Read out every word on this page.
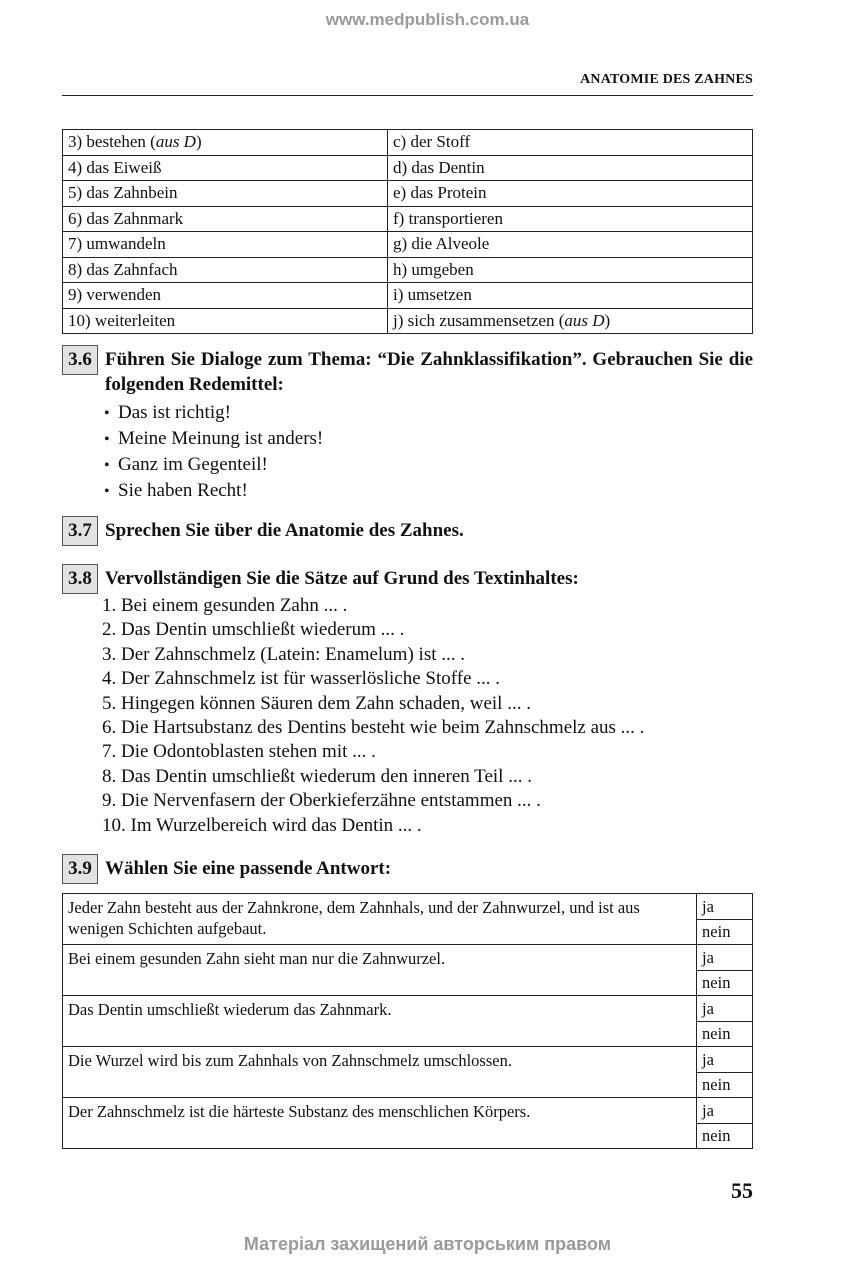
www.medpublish.com.ua
ANATOMIE DES ZAHNES
3) bestehen (aus D)	c) der Stoff
4) das Eiweiß	d) das Dentin
5) das Zahnbein	e) das Protein
6) das Zahnmark	f) transportieren
7) umwandeln	g) die Alveole
8) das Zahnfach	h) umgeben
9) verwenden	i) umsetzen
10) weiterleiten	j) sich zusammensetzen (aus D)
3.6 Führen Sie Dialoge zum Thema: “Die Zahnklassifikation”. Gebrauchen Sie die folgenden Redemittel:
• Das ist richtig!
• Meine Meinung ist anders!
• Ganz im Gegenteil!
• Sie haben Recht!
3.7 Sprechen Sie über die Anatomie des Zahnes.
3.8 Vervollständigen Sie die Sätze auf Grund des Textinhaltes:
1. Bei einem gesunden Zahn ... .
2. Das Dentin umschließt wiederum ... .
3. Der Zahnschmelz (Latein: Enamelum) ist ... .
4. Der Zahnschmelz ist für wasserlösliche Stoffe ... .
5. Hingegen können Säuren dem Zahn schaden, weil ... .
6. Die Hartsubstanz des Dentins besteht wie beim Zahnschmelz aus ... .
7. Die Odontoblasten stehen mit ... .
8. Das Dentin umschließt wiederum den inneren Teil ... .
9. Die Nervenfasern der Oberkieferzähne entstammen ... .
10. Im Wurzelbereich wird das Dentin ... .
3.9 Wählen Sie eine passende Antwort:
Jeder Zahn besteht aus der Zahnkrone, dem Zahnhals, und der Zahnwurzel, und ist aus wenigen Schichten aufgebaut.	ja
	nein
Bei einem gesunden Zahn sieht man nur die Zahnwurzel.	ja
	nein
Das Dentin umschließt wiederum das Zahnmark.	ja
	nein
Die Wurzel wird bis zum Zahnhals von Zahnschmelz umschlossen.	ja
	nein
Der Zahnschmelz ist die härteste Substanz des menschlichen Körpers.	ja
	nein
55
Матеріал захищений авторським правом
